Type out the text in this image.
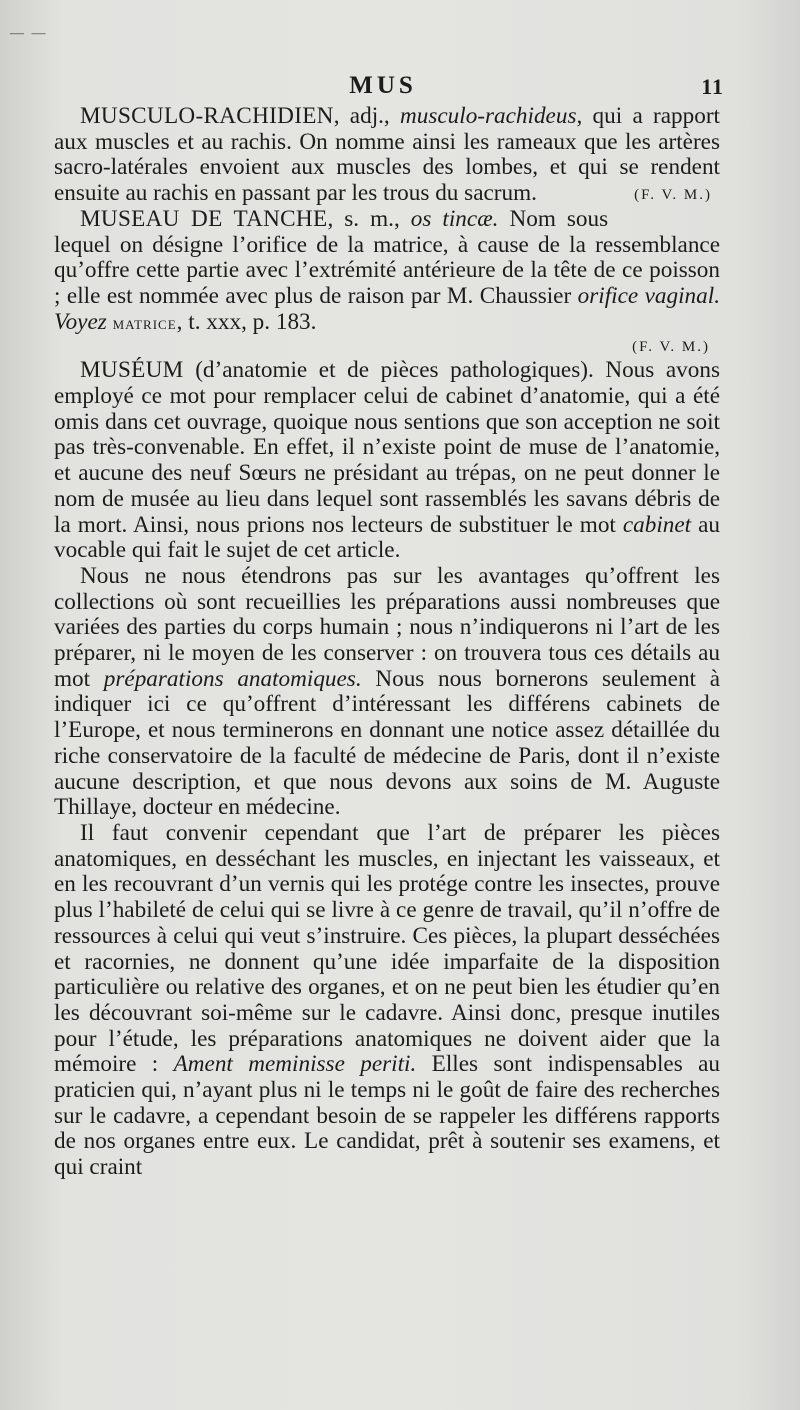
— —
MUS	11

MUSCULO-RACHIDIEN, adj., musculo-rachideus, qui a rapport aux muscles et au rachis. On nomme ainsi les rameaux que les artères sacro-latérales envoient aux muscles des lombes, et qui se rendent ensuite au rachis en passant par les trous du sacrum.	(F. V. M.)

MUSEAU DE TANCHE, s. m., os tincæ. Nom sous lequel on désigne l’orifice de la matrice, à cause de la ressemblance qu’offre cette partie avec l’extrémité antérieure de la tête de ce poisson ; elle est nommée avec plus de raison par M. Chaussier orifice vaginal. Voyez matrice, t. xxx, p. 183.

(F. V. M.)

MUSÉUM (d’anatomie et de pièces pathologiques). Nous avons employé ce mot pour remplacer celui de cabinet d’anatomie, qui a été omis dans cet ouvrage, quoique nous sentions que son acception ne soit pas très-convenable. En effet, il n’existe point de muse de l’anatomie, et aucune des neuf Sœurs ne présidant au trépas, on ne peut donner le nom de musée au lieu dans lequel sont rassemblés les savans débris de la mort. Ainsi, nous prions nos lecteurs de substituer le mot cabinet au vocable qui fait le sujet de cet article.

Nous ne nous étendrons pas sur les avantages qu’offrent les collections où sont recueillies les préparations aussi nombreuses que variées des parties du corps humain ; nous n’indiquerons ni l’art de les préparer, ni le moyen de les conserver : on trouvera tous ces détails au mot préparations anatomiques. Nous nous bornerons seulement à indiquer ici ce qu’offrent d’intéressant les différens cabinets de l’Europe, et nous terminerons en donnant une notice assez détaillée du riche conservatoire de la faculté de médecine de Paris, dont il n’existe aucune description, et que nous devons aux soins de M. Auguste Thillaye, docteur en médecine.

Il faut convenir cependant que l’art de préparer les pièces anatomiques, en desséchant les muscles, en injectant les vaisseaux, et en les recouvrant d’un vernis qui les protége contre les insectes, prouve plus l’habileté de celui qui se livre à ce genre de travail, qu’il n’offre de ressources à celui qui veut s’instruire. Ces pièces, la plupart desséchées et racornies, ne donnent qu’une idée imparfaite de la disposition particulière ou relative des organes, et on ne peut bien les étudier qu’en les découvrant soi-même sur le cadavre. Ainsi donc, presque inutiles pour l’étude, les préparations anatomiques ne doivent aider que la mémoire : Ament meminisse periti. Elles sont indispensables au praticien qui, n’ayant plus ni le temps ni le goût de faire des recherches sur le cadavre, a cependant besoin de se rappeler les différens rapports de nos organes entre eux. Le candidat, prêt à soutenir ses examens, et qui craint
